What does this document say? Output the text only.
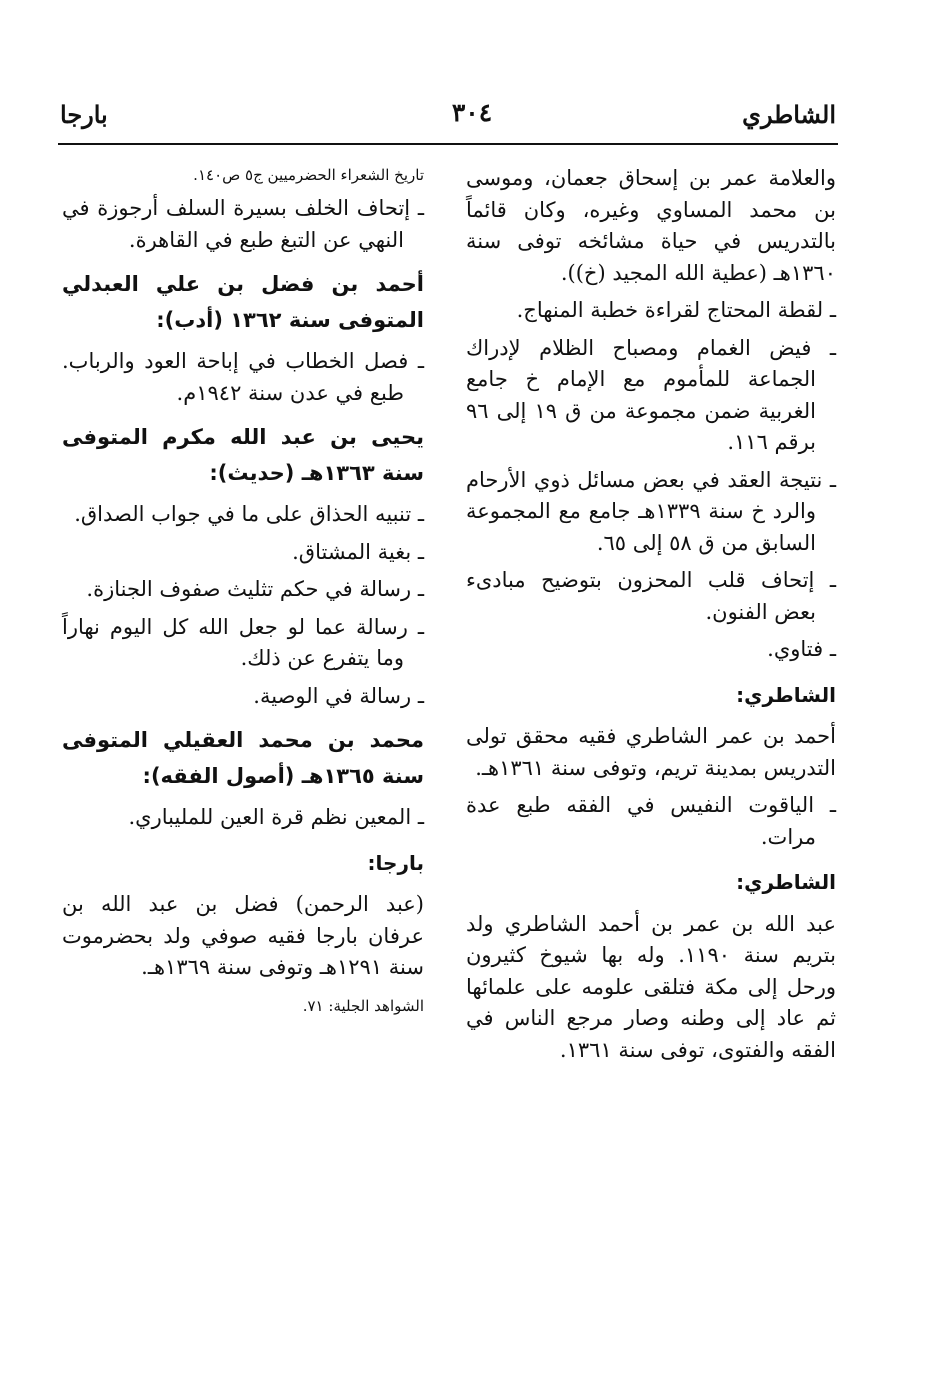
الشاطري
٣٠٤
بارجا

والعلامة عمر بن إسحاق جعمان، وموسى بن محمد المساوي وغيره، وكان قائماً بالتدريس في حياة مشائخه توفى سنة ١٣٦٠هـ (عطية الله المجيد (خ)).

ـ لقطة المحتاج لقراءة خطبة المنهاج.

ـ فيض الغمام ومصباح الظلام لإدراك الجماعة للمأموم مع الإمام خ جامع الغربية ضمن مجموعة من ق ١٩ إلى ٩٦ برقم ١١٦.

ـ نتيجة العقد في بعض مسائل ذوي الأرحام والرد خ سنة ١٣٣٩هـ جامع مع المجموعة السابق من ق ٥٨ إلى ٦٥.

ـ إتحاف قلب المحزون بتوضيح مبادىء بعض الفنون.

ـ فتاوي.

الشاطري:

أحمد بن عمر الشاطري فقيه محقق تولى التدريس بمدينة تريم، وتوفى سنة ١٣٦١هـ.

ـ الياقوت النفيس في الفقه طبع عدة مرات.

الشاطري:

عبد الله بن عمر بن أحمد الشاطري ولد بتريم سنة ١١٩٠. وله بها شيوخ كثيرون ورحل إلى مكة فتلقى علومه على علمائها ثم عاد إلى وطنه وصار مرجع الناس في الفقه والفتوى، توفى سنة ١٣٦١.

تاريخ الشعراء الحضرميين ج٥ ص١٤٠.

ـ إتحاف الخلف بسيرة السلف أرجوزة في النهي عن التبغ طبع في القاهرة.

أحمد بن فضل بن علي العبدلي المتوفى سنة ١٣٦٢ (أدب):

ـ فصل الخطاب في إباحة العود والرباب. طبع في عدن سنة ١٩٤٢م.

يحيى بن عبد الله مكرم المتوفى سنة ١٣٦٣هـ (حديث):

ـ تنبيه الحذاق على ما في جواب الصداق.

ـ بغية المشتاق.

ـ رسالة في حكم تثليث صفوف الجنازة.

ـ رسالة عما لو جعل الله كل اليوم نهاراً وما يتفرع عن ذلك.

ـ رسالة في الوصية.

محمد بن محمد العقيلي المتوفى سنة ١٣٦٥هـ (أصول الفقه):

ـ المعين نظم قرة العين للمليباري.

بارجا:

(عبد الرحمن) فضل بن عبد الله بن عرفان بارجا فقيه صوفي ولد بحضرموت سنة ١٢٩١هـ وتوفى سنة ١٣٦٩هـ.

الشواهد الجلية: ٧١.
